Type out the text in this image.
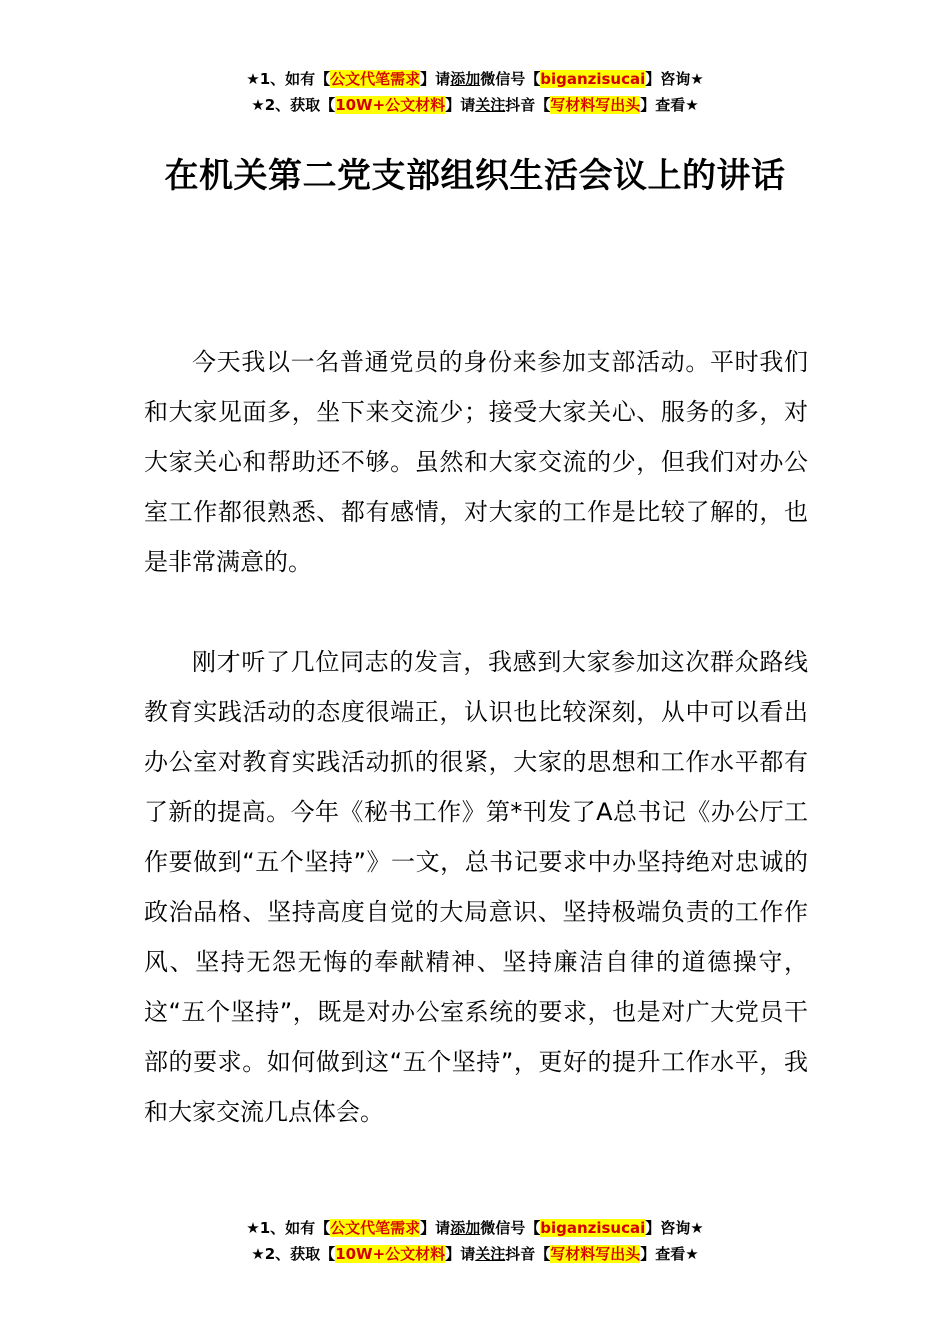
★1、如有【公文代笔需求】请添加微信号【biganzisucai】咨询★
★2、获取【10W+公文材料】请关注抖音【写材料写出头】查看★
在机关第二党支部组织生活会议上的讲话

今天我以一名普通党员的身份来参加支部活动。平时我们和大家见面多，坐下来交流少；接受大家关心、服务的多，对大家关心和帮助还不够。虽然和大家交流的少，但我们对办公室工作都很熟悉、都有感情，对大家的工作是比较了解的，也是非常满意的。

刚才听了几位同志的发言，我感到大家参加这次群众路线教育实践活动的态度很端正，认识也比较深刻，从中可以看出办公室对教育实践活动抓的很紧，大家的思想和工作水平都有了新的提高。今年《秘书工作》第*刊发了A总书记《办公厅工作要做到“五个坚持”》一文，总书记要求中办坚持绝对忠诚的政治品格、坚持高度自觉的大局意识、坚持极端负责的工作作风、坚持无怨无悔的奉献精神、坚持廉洁自律的道德操守，这“五个坚持”，既是对办公室系统的要求，也是对广大党员干部的要求。如何做到这“五个坚持”，更好的提升工作水平，我和大家交流几点体会。

★1、如有【公文代笔需求】请添加微信号【biganzisucai】咨询★
★2、获取【10W+公文材料】请关注抖音【写材料写出头】查看★
